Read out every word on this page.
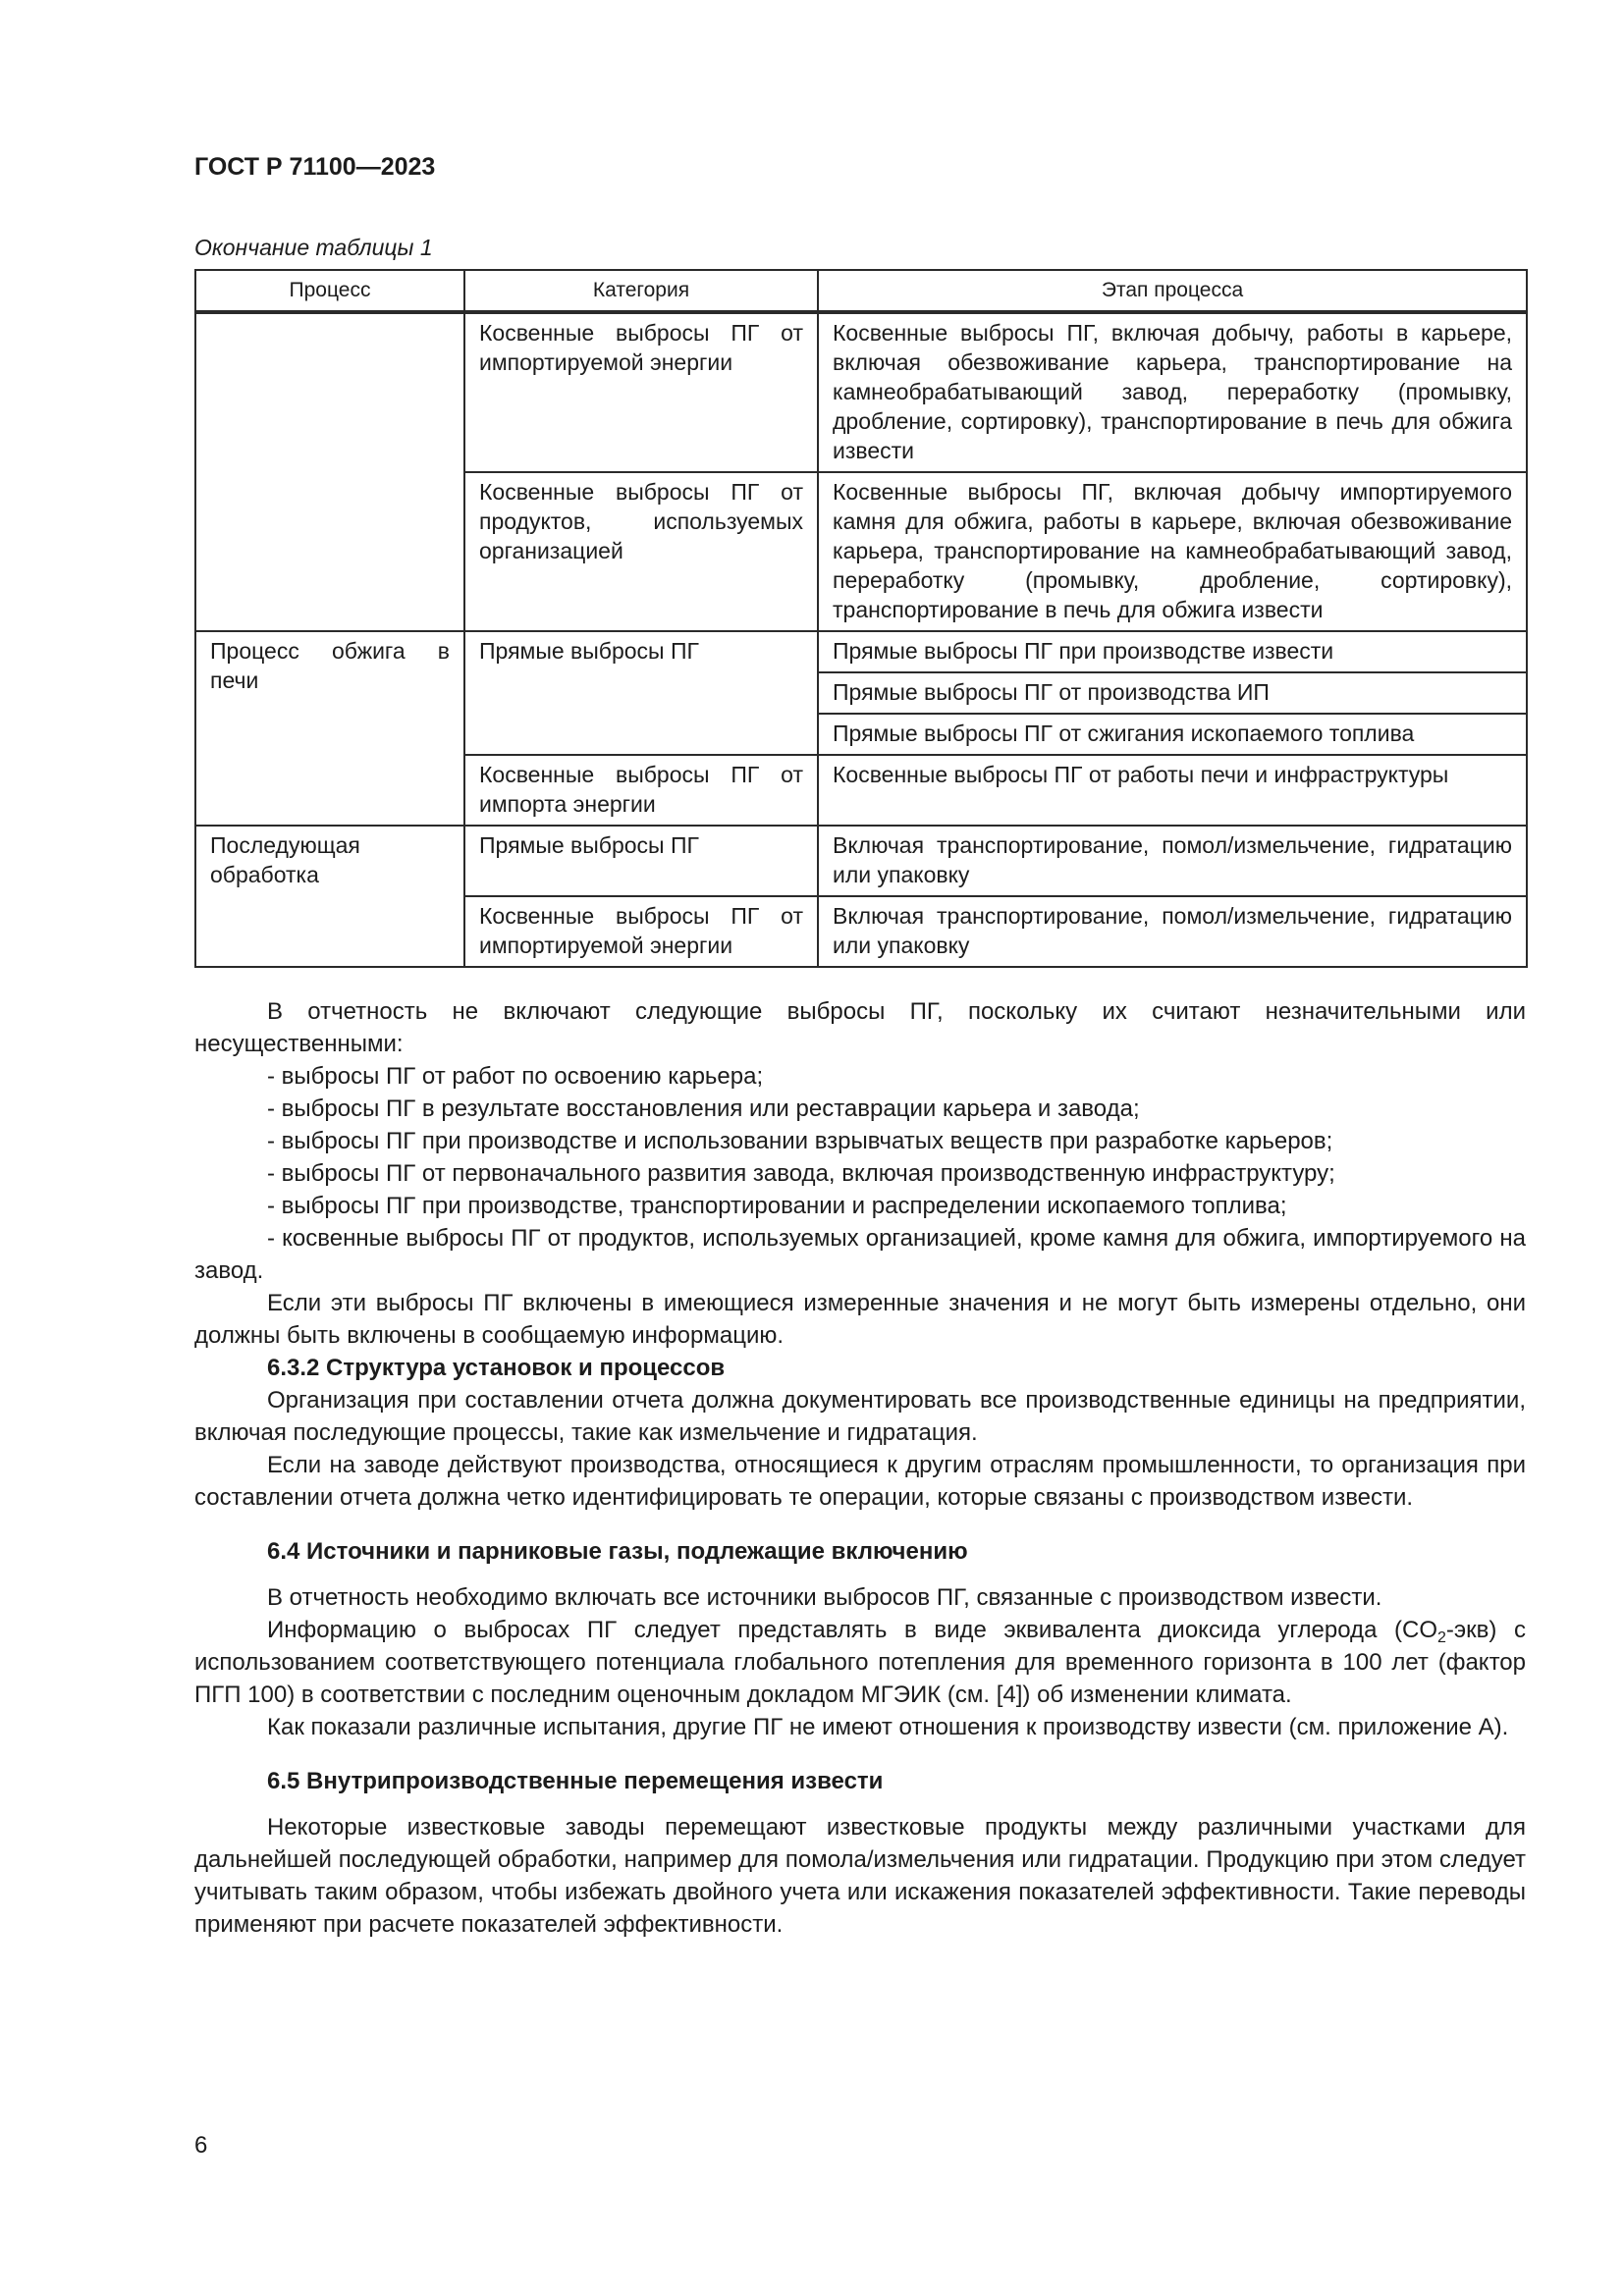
ГОСТ Р 71100—2023
Окончание таблицы 1
Процесс	Категория	Этап процесса
	Косвенные выбросы ПГ от импортируемой энергии	Косвенные выбросы ПГ, включая добычу, работы в карьере, включая обезвоживание карьера, транспортирование на камнеобрабатывающий завод, переработку (промывку, дробление, сортировку), транспортирование в печь для обжига извести
	Косвенные выбросы ПГ от продуктов, используемых организацией	Косвенные выбросы ПГ, включая добычу импортируемого камня для обжига, работы в карьере, включая обезвоживание карьера, транспортирование на камнеобрабатывающий завод, переработку (промывку, дробление, сортировку), транспортирование в печь для обжига извести
Процесс обжига в печи	Прямые выбросы ПГ	Прямые выбросы ПГ при производстве извести
		Прямые выбросы ПГ от производства ИП
		Прямые выбросы ПГ от сжигания ископаемого топлива
	Косвенные выбросы ПГ от импорта энергии	Косвенные выбросы ПГ от работы печи и инфраструктуры
Последующая обработка	Прямые выбросы ПГ	Включая транспортирование, помол/измельчение, гидратацию или упаковку
	Косвенные выбросы ПГ от импортируемой энергии	Включая транспортирование, помол/измельчение, гидратацию или упаковку

В отчетность не включают следующие выбросы ПГ, поскольку их считают незначительными или несущественными:

- выбросы ПГ от работ по освоению карьера;

- выбросы ПГ в результате восстановления или реставрации карьера и завода;

- выбросы ПГ при производстве и использовании взрывчатых веществ при разработке карьеров;

- выбросы ПГ от первоначального развития завода, включая производственную инфраструктуру;

- выбросы ПГ при производстве, транспортировании и распределении ископаемого топлива;

- косвенные выбросы ПГ от продуктов, используемых организацией, кроме камня для обжига, импортируемого на завод.

Если эти выбросы ПГ включены в имеющиеся измеренные значения и не могут быть измерены отдельно, они должны быть включены в сообщаемую информацию.

6.3.2 Структура установок и процессов

Организация при составлении отчета должна документировать все производственные единицы на предприятии, включая последующие процессы, такие как измельчение и гидратация.

Если на заводе действуют производства, относящиеся к другим отраслям промышленности, то организация при составлении отчета должна четко идентифицировать те операции, которые связаны с производством извести.

6.4 Источники и парниковые газы, подлежащие включению

В отчетность необходимо включать все источники выбросов ПГ, связанные с производством извести.

Информацию о выбросах ПГ следует представлять в виде эквивалента диоксида углерода $(CO_2-экв)$ с использованием соответствующего потенциала глобального потепления для временного горизонта в 100 лет (фактор ПГП 100) в соответствии с последним оценочным докладом МГЭИК (см. [4]) об изменении климата.

Как показали различные испытания, другие ПГ не имеют отношения к производству извести (см. приложение А).

6.5 Внутрипроизводственные перемещения извести

Некоторые известковые заводы перемещают известковые продукты между различными участками для дальнейшей последующей обработки, например для помола/измельчения или гидратации. Продукцию при этом следует учитывать таким образом, чтобы избежать двойного учета или искажения показателей эффективности. Такие переводы применяют при расчете показателей эффективности.

6
